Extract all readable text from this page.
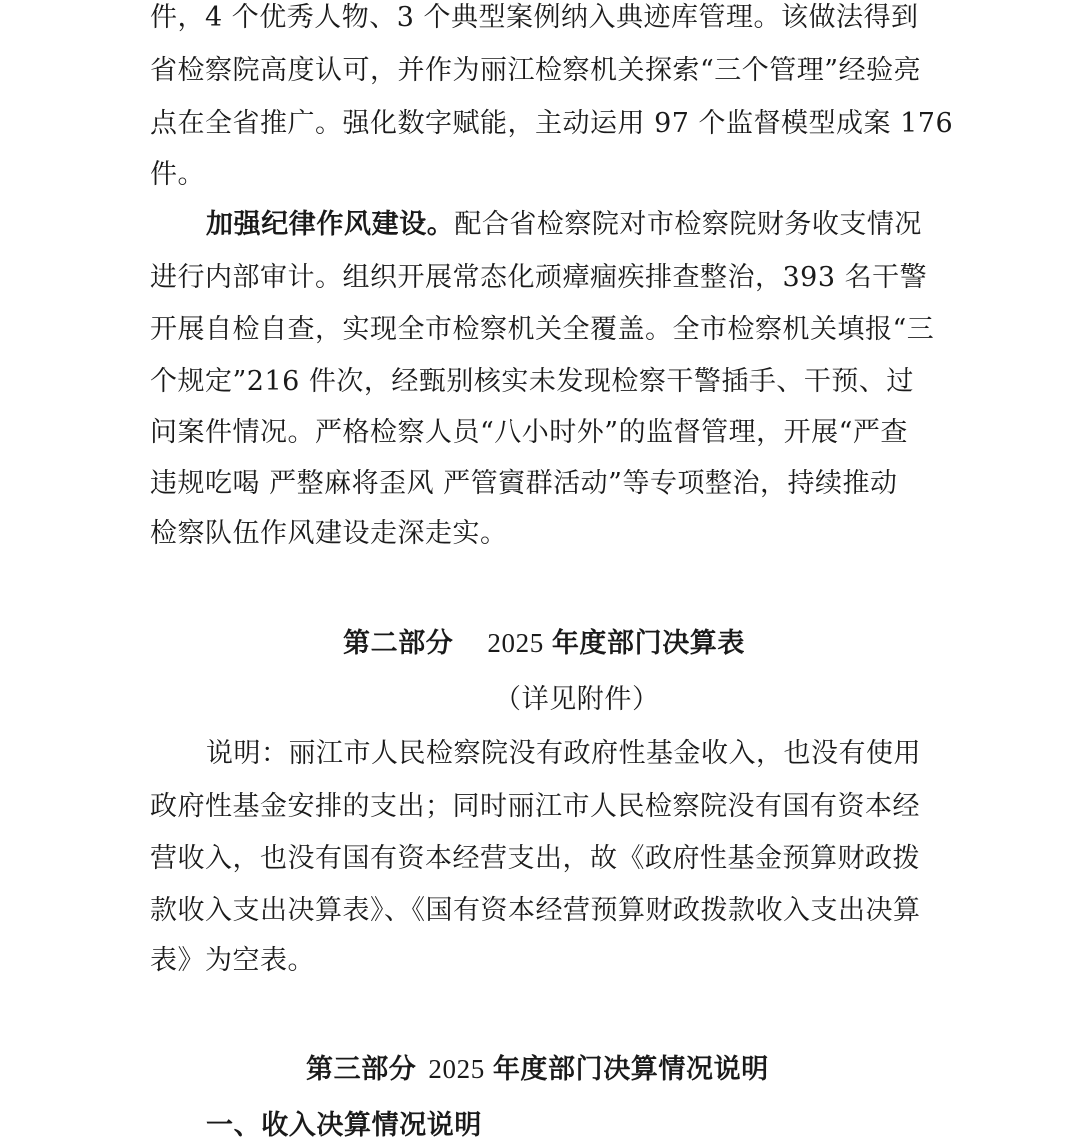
件，4 个优秀人物、3 个典型案例纳入典迹库管理。该做法得到
省检察院高度认可，并作为丽江检察机关探索“三个管理”经验亮
点在全省推广。强化数字赋能，主动运用 97 个监督模型成案 176
件。
加强纪律作风建设。配合省检察院对市检察院财务收支情况
进行内部审计。组织开展常态化顽瘴痼疾排查整治，393 名干警
开展自检自查，实现全市检察机关全覆盖。全市检察机关填报“三
个规定”216 件次，经甄别核实未发现检察干警插手、干预、过
问案件情况。严格检察人员“八小时外”的监督管理，开展“严查
违规吃喝 严整麻将歪风 严管賨群活动”等专项整治，持续推动
检察队伍作风建设走深走实。
第二部分 2025 年度部门决算表
（详见附件）
说明：丽江市人民检察院没有政府性基金收入，也没有使用
政府性基金安排的支出；同时丽江市人民检察院没有国有资本经
营收入，也没有国有资本经营支出，故《政府性基金预算财政拨
款收入支出决算表》、《国有资本经营预算财政拨款收入支出决算
表》为空表。
第三部分 2025 年度部门决算情况说明
一、收入决算情况说明
